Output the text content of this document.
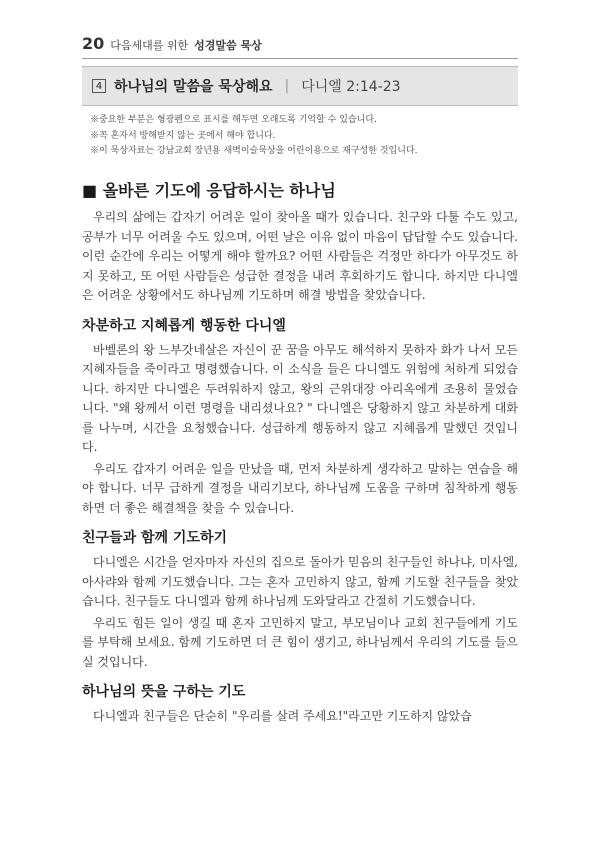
20 다음세대를 위한 성경말씀 묵상
4 하나님의 말씀을 묵상해요 | 다니엘 2:14-23
※중요한 부분은 형광펜으로 표시를 해두면 오래도록 기억할 수 있습니다.
※꼭 혼자서 방해받지 않는 곳에서 해야 합니다.
※이 묵상자료는 강남교회 장년용 새벽이슬묵상을 어린이용으로 재구성한 것입니다.
■ 올바른 기도에 응답하시는 하나님

우리의 삶에는 갑자기 어려운 일이 찾아올 때가 있습니다. 친구와 다툴 수도 있고, 공부가 너무 어려울 수도 있으며, 어떤 날은 이유 없이 마음이 답답할 수도 있습니다. 이런 순간에 우리는 어떻게 해야 할까요? 어떤 사람들은 걱정만 하다가 아무것도 하지 못하고, 또 어떤 사람들은 성급한 결정을 내려 후회하기도 합니다. 하지만 다니엘은 어려운 상황에서도 하나님께 기도하며 해결 방법을 찾았습니다.

차분하고 지혜롭게 행동한 다니엘

바벨론의 왕 느부갓네살은 자신이 꾼 꿈을 아무도 해석하지 못하자 화가 나서 모든 지혜자들을 죽이라고 명령했습니다. 이 소식을 들은 다니엘도 위험에 처하게 되었습니다. 하지만 다니엘은 두려워하지 않고, 왕의 근위대장 아리옥에게 조용히 물었습니다. "왜 왕께서 이런 명령을 내리셨나요? " 다니엘은 당황하지 않고 차분하게 대화를 나누며, 시간을 요청했습니다. 성급하게 행동하지 않고 지혜롭게 말했던 것입니다.

우리도 갑자기 어려운 일을 만났을 때, 먼저 차분하게 생각하고 말하는 연습을 해야 합니다. 너무 급하게 결정을 내리기보다, 하나님께 도움을 구하며 침착하게 행동하면 더 좋은 해결책을 찾을 수 있습니다.

친구들과 함께 기도하기

다니엘은 시간을 얻자마자 자신의 집으로 돌아가 믿음의 친구들인 하나냐, 미사엘, 아사랴와 함께 기도했습니다. 그는 혼자 고민하지 않고, 함께 기도할 친구들을 찾았습니다. 친구들도 다니엘과 함께 하나님께 도와달라고 간절히 기도했습니다.

우리도 힘든 일이 생길 때 혼자 고민하지 말고, 부모님이나 교회 친구들에게 기도를 부탁해 보세요. 함께 기도하면 더 큰 힘이 생기고, 하나님께서 우리의 기도를 들으실 것입니다.

하나님의 뜻을 구하는 기도

다니엘과 친구들은 단순히 "우리를 살려 주세요!"라고만 기도하지 않았습
